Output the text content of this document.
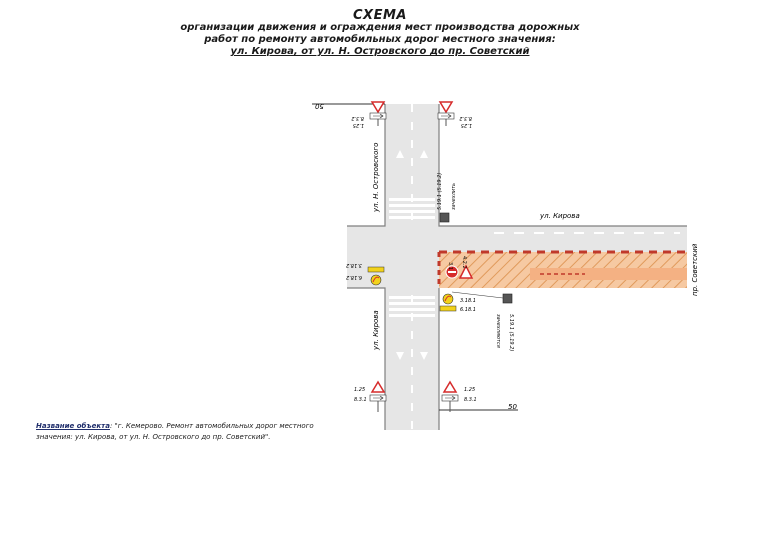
СХЕМА
организации движения и ограждения мест производства дорожных
работ по ремонту автомобильных дорог местного значения:
ул. Кирова, от ул. Н. Островского до пр. Советский
3.1 4.2.2
50
50
1.25
8.3.2
1.25
8.3.2
5.19.1 (5.19.2) зачехлить
3.18.2
6.18.2
3.18.1
6.18.1
5.19.1 (5.19.2)
зачехляются
1.25
8.3.1
1.25
8.3.1
ул. Кирова
ул. Кирова
ул. Н. Островского
пр. Советский
Название объекта: "г. Кемерово. Ремонт автомобильных дорог местного
значения: ул. Кирова, от ул. Н. Островского до пр. Советский".
